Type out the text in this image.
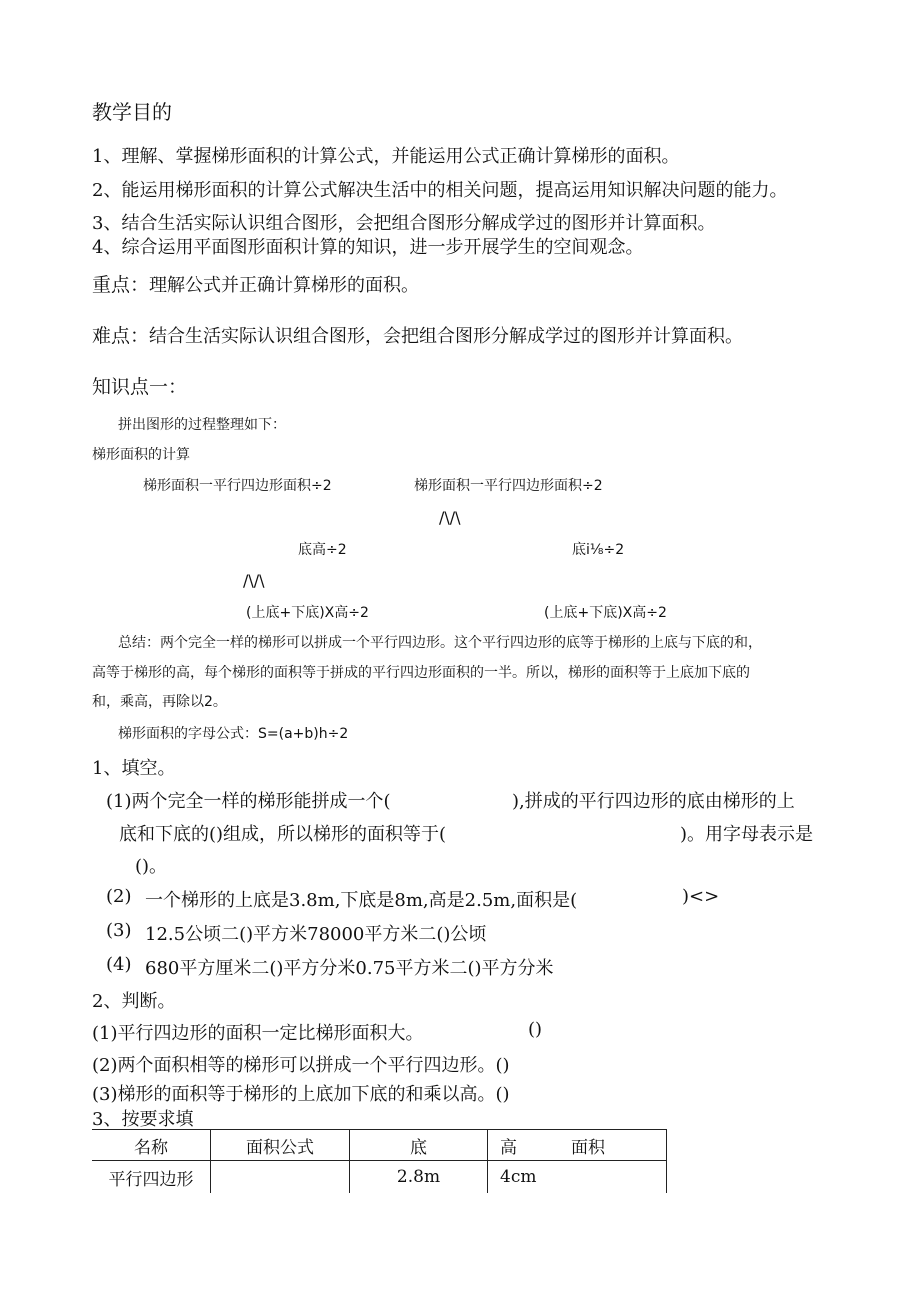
教学目的
1、理解、掌握梯形面积的计算公式，并能运用公式正确计算梯形的面积。
2、能运用梯形面积的计算公式解决生活中的相关问题，提高运用知识解决问题的能力。
3、结合生活实际认识组合图形，会把组合图形分解成学过的图形并计算面积。
4、综合运用平面图形面积计算的知识，进一步开展学生的空间观念。
重点：理解公式并正确计算梯形的面积。
难点：结合生活实际认识组合图形，会把组合图形分解成学过的图形并计算面积。
知识点一：
拼出图形的过程整理如下：
梯形面积的计算
梯形面积一平行四边形面积÷2	梯形面积一平行四边形面积÷2
/\/\
底高÷2	底i⅛÷2
/\/\
(上底+下底)X高÷2	(上底+下底)X高÷2
总结：两个完全一样的梯形可以拼成一个平行四边形。这个平行四边形的底等于梯形的上底与下底的和，
高等于梯形的高，每个梯形的面积等于拼成的平行四边形面积的一半。所以，梯形的面积等于上底加下底的
和，乘高，再除以2。
梯形面积的字母公式：S=(a+b)h÷2
1、填空。
(1)两个完全一样的梯形能拼成一个(	),拼成的平行四边形的底由梯形的上
底和下底的()组成，所以梯形的面积等于(	)。用字母表示是
()。
(2) 一个梯形的上底是3.8m,下底是8m,高是2.5m,面积是(	)<>
(3) 12.5公顷二()平方米78000平方米二()公顷
(4) 680平方厘米二()平方分米0.75平方米二()平方分米
2、判断。
(1)平行四边形的面积一定比梯形面积大。	()
(2)两个面积相等的梯形可以拼成一个平行四边形。()
(3)梯形的面积等于梯形的上底加下底的和乘以高。()
3、按要求填
名称	面积公式	底	高 面积
平行四边形		2.8m	4cm
